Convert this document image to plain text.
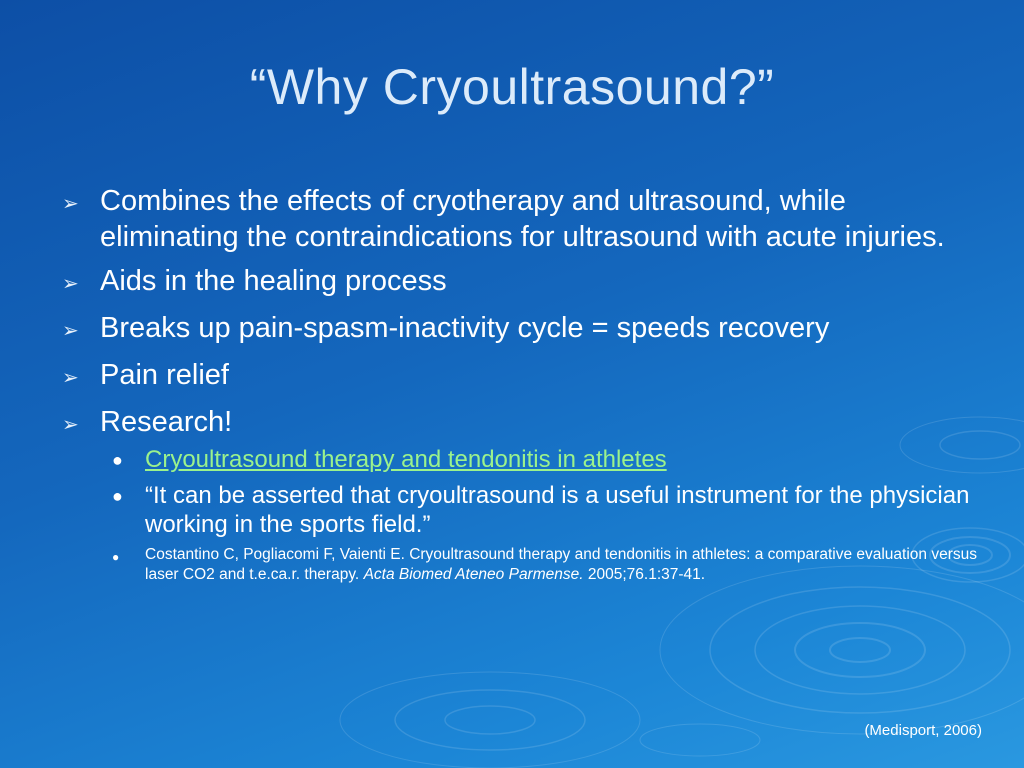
“Why Cryoultrasound?”
➢ Combines the effects of cryotherapy and ultrasound, while eliminating the contraindications for ultrasound with acute injuries.
➢ Aids in the healing process
➢ Breaks up pain-spasm-inactivity cycle = speeds recovery
➢ Pain relief
➢ Research!
● Cryoultrasound therapy and tendonitis in athletes
● “It can be asserted that cryoultrasound is a useful instrument for the physician working in the sports field.”
●	Costantino C, Pogliacomi F, Vaienti E. Cryoultrasound therapy and tendonitis in athletes: a comparative evaluation versus laser CO2 and t.e.ca.r. therapy. Acta Biomed Ateneo Parmense. 2005;76.1:37-41.
(Medisport, 2006)
